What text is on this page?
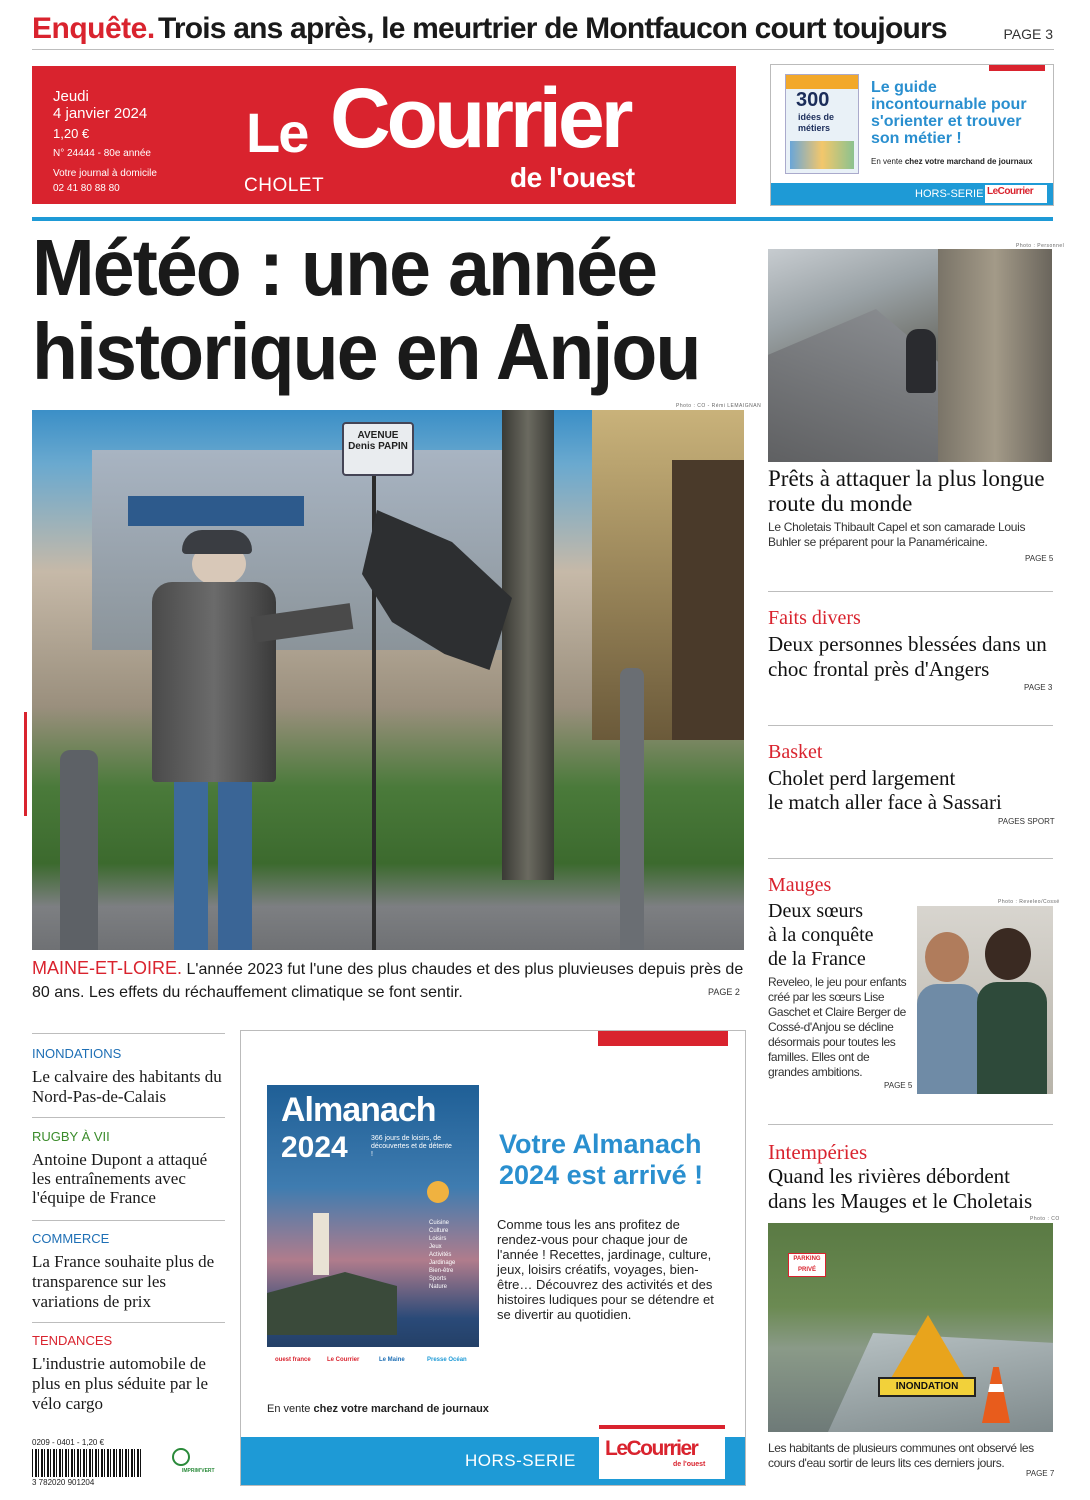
Enquête. Trois ans après, le meurtrier de Montfaucon court toujours	PAGE 3
Jeudi
4 janvier 2024
1,20 €
N° 24444 - 80e année
Votre journal à domicile
02 41 80 88 80
Le Courrier
de l'ouest
CHOLET
300
idées de
métiers
Le guide incontournable pour s'orienter et trouver son métier !
En vente chez votre marchand de journaux
HORS-SERIE LeCourrier
Météo : une année
historique en Anjou
Photo : CO - Rémi LEMAIGNAN
AVENUE
Denis PAPIN
MAINE-ET-LOIRE. L'année 2023 fut l'une des plus chaudes et des plus pluvieuses depuis près de 80 ans. Les effets du réchauffement climatique se font sentir.	PAGE 2
Photo : Personnel
Prêts à attaquer la plus longue route du monde
Le Choletais Thibault Capel et son camarade Louis Buhler se préparent pour la Panaméricaine.
PAGE 5
Faits divers
Deux personnes blessées dans un choc frontal près d'Angers
PAGE 3
Basket
Cholet perd largement
le match aller face à Sassari
PAGES SPORT
Mauges
Deux sœurs
à la conquête
de la France
Reveleo, le jeu pour enfants créé par les sœurs Lise Gaschet et Claire Berger de Cossé-d'Anjou se décline désormais pour toutes les familles. Elles ont de grandes ambitions.
PAGE 5
Photo : Reveleo/Cossé
Intempéries
Quand les rivières débordent dans les Mauges et le Choletais
Photo : CO
PARKING PRIVÉ
INONDATION
Les habitants de plusieurs communes ont observé les cours d'eau sortir de leurs lits ces derniers jours.
PAGE 7
INONDATIONS
Le calvaire des habitants du Nord-Pas-de-Calais
RUGBY À VII
Antoine Dupont a attaqué les entraînements avec l'équipe de France
COMMERCE
La France souhaite plus de transparence sur les variations de prix
TENDANCES
L'industrie automobile de plus en plus séduite par le vélo cargo
0209 - 0401 - 1,20 €
3 782020 901204
IMPRIM'VERT
Almanach
2024	366 jours de loisirs, de découvertes et de détente !
Cuisine
Culture
Loisirs
Jeux
Activités
Jardinage
Bien-être
Sports
Nature
ouest france	Le Courrier	Le Maine	Presse Océan
Votre Almanach
2024 est arrivé !
Comme tous les ans profitez de rendez-vous pour chaque jour de l'année ! Recettes, jardinage, culture, jeux, loisirs créatifs, voyages, bien-être… Découvrez des activités et des histoires ludiques pour se détendre et se divertir au quotidien.
En vente chez votre marchand de journaux
HORS-SERIE
LeCourrier
de l'ouest
